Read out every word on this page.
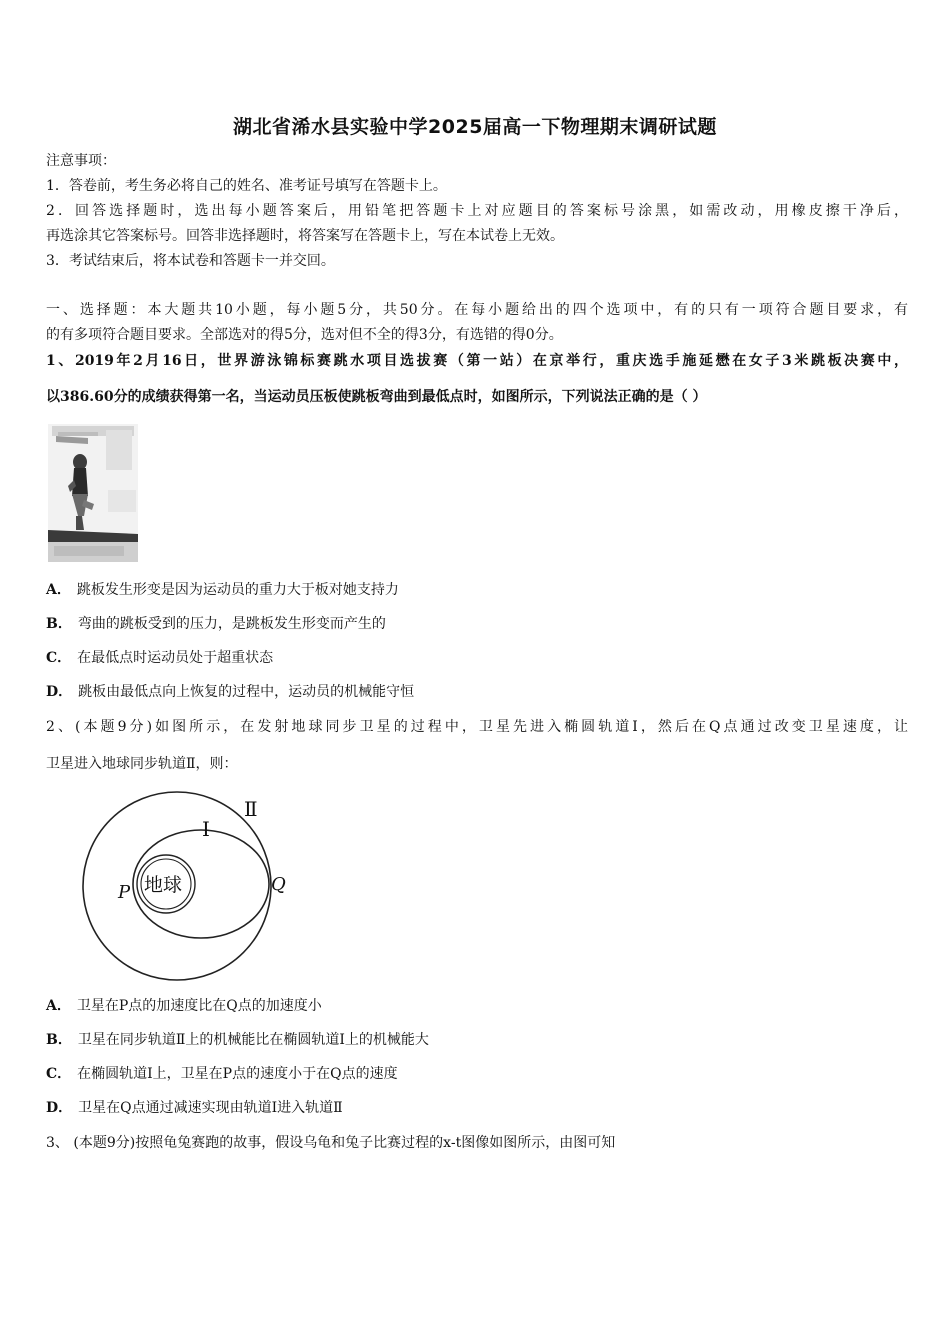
湖北省浠水县实验中学2025届高一下物理期末调研试题
注意事项：
1．答卷前，考生务必将自己的姓名、准考证号填写在答题卡上。
2．回答选择题时，选出每小题答案后，用铅笔把答题卡上对应题目的答案标号涂黑，如需改动，用橡皮擦干净后，
再选涂其它答案标号。回答非选择题时，将答案写在答题卡上，写在本试卷上无效。
3．考试结束后，将本试卷和答题卡一并交回。
一、选择题：本大题共10小题，每小题5分，共50分。在每小题给出的四个选项中，有的只有一项符合题目要求，有
的有多项符合题目要求。全部选对的得5分，选对但不全的得3分，有选错的得0分。
1、2019年2月16日，世界游泳锦标赛跳水项目选拔赛（第一站）在京举行，重庆选手施延懋在女子3米跳板决赛中，
以386.60分的成绩获得第一名，当运动员压板使跳板弯曲到最低点时，如图所示，下列说法正确的是（ ）
A． 跳板发生形变是因为运动员的重力大于板对她支持力
B． 弯曲的跳板受到的压力，是跳板发生形变而产生的
C． 在最低点时运动员处于超重状态
D． 跳板由最低点向上恢复的过程中，运动员的机械能守恒
2、(本题9分)如图所示，在发射地球同步卫星的过程中，卫星先进入椭圆轨道Ⅰ，然后在Q点通过改变卫星速度，让
卫星进入地球同步轨道Ⅱ，则：
地球
Ⅱ
Ⅰ
P	Q
A． 卫星在P点的加速度比在Q点的加速度小
B． 卫星在同步轨道Ⅱ上的机械能比在椭圆轨道Ⅰ上的机械能大
C． 在椭圆轨道Ⅰ上，卫星在P点的速度小于在Q点的速度
D． 卫星在Q点通过减速实现由轨道Ⅰ进入轨道Ⅱ
3、 (本题9分)按照龟兔赛跑的故事，假设乌龟和兔子比赛过程的x-t图像如图所示，由图可知
